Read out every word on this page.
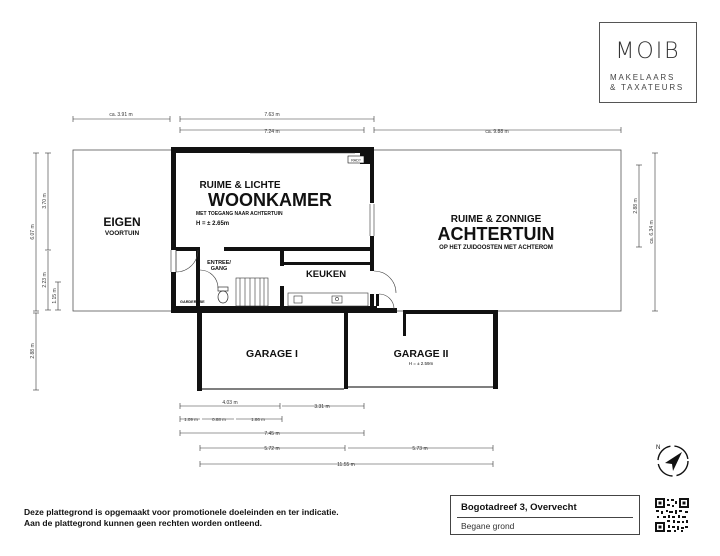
RAD?
RUIME & LICHTE
WOONKAMER
MET TOEGANG NAAR ACHTERTUIN
H = ± 2.65m
EIGEN
VOORTUIN
RUIME & ZONNIGE
ACHTERTUIN
OP HET ZUIDOOSTEN MET ACHTEROM
KEUKEN
ENTREE/
GANG
GARDEROBE
GARAGE I	GARAGE II
H = ± 2.59m
ca. 3.91 m	7.63 m
7.24 m	ca. 9.88 m
6.07 m
3.70 m
2.23 m
1.15 m
2.88 m
2.88 m
ca. 6.34 m
4.03 m
3.31 m
1.09 m	0.88 m	1.86 m
7.45 m
5.72 m	5.73 m
11.55 m
MOIB
MAKELAARS
& TAXATEURS
N
Deze plattegrond is opgemaakt voor promotionele doeleinden en ter indicatie.
Aan de plattegrond kunnen geen rechten worden ontleend.
Bogotadreef 3, Overvecht
Begane grond
